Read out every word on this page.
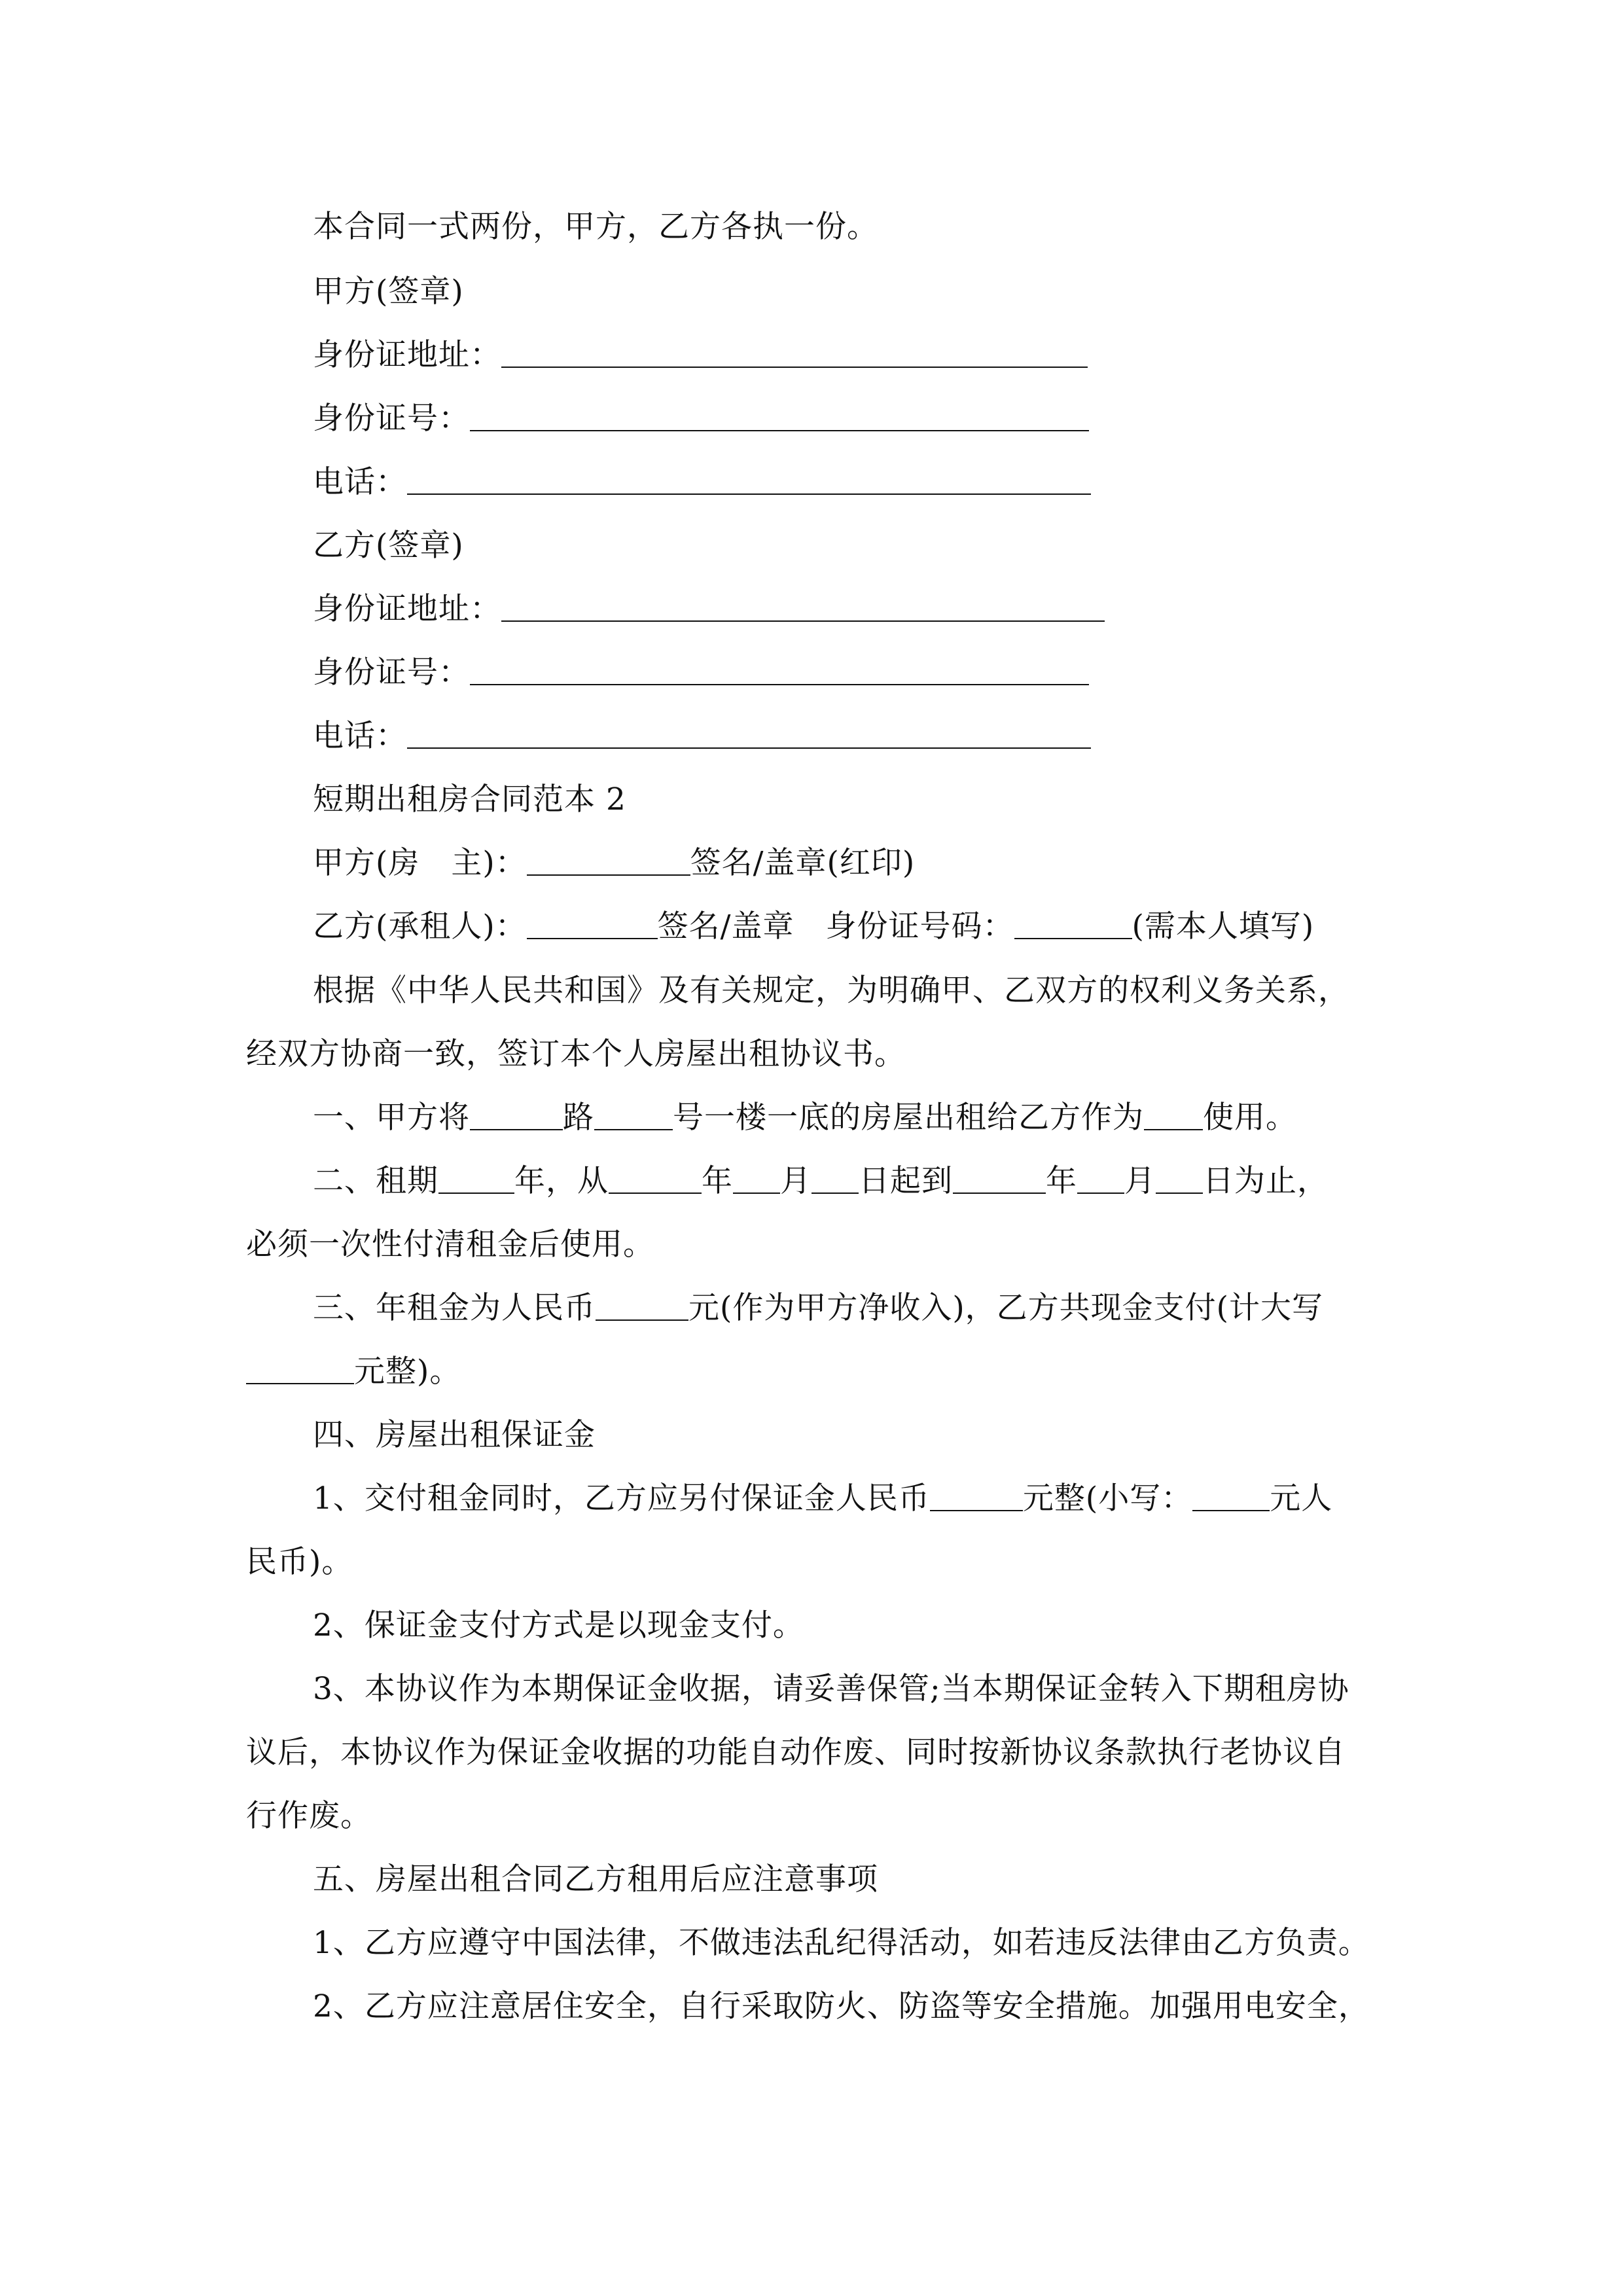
本合同一式两份，甲方，乙方各执一份。
甲方(签章)
身份证地址：
身份证号：
电话：
乙方(签章)
身份证地址：
身份证号：
电话：
短期出租房合同范本 2
甲方(房　主)：	签名/盖章(红印)
乙方(承租人)：	签名/盖章　身份证号码：	(需本人填写)
根据《中华人民共和国》及有关规定，为明确甲、乙双方的权利义务关系，
经双方协商一致，签订本个人房屋出租协议书。
一、甲方将	路	号一楼一底的房屋出租给乙方作为 使用。
二、租期 年，从	年 月 日起到	年 月 日为止，
必须一次性付清租金后使用。
三、年租金为人民币	元(作为甲方净收入)，乙方共现金支付(计大写
元整)。
四、房屋出租保证金
1、交付租金同时，乙方应另付保证金人民币	元整(小写：	元人
民币)。
2、保证金支付方式是以现金支付。
3、本协议作为本期保证金收据，请妥善保管;当本期保证金转入下期租房协
议后，本协议作为保证金收据的功能自动作废、同时按新协议条款执行老协议自
行作废。
五、房屋出租合同乙方租用后应注意事项
1、乙方应遵守中国法律，不做违法乱纪得活动，如若违反法律由乙方负责。
2、乙方应注意居住安全，自行采取防火、防盗等安全措施。加强用电安全，
